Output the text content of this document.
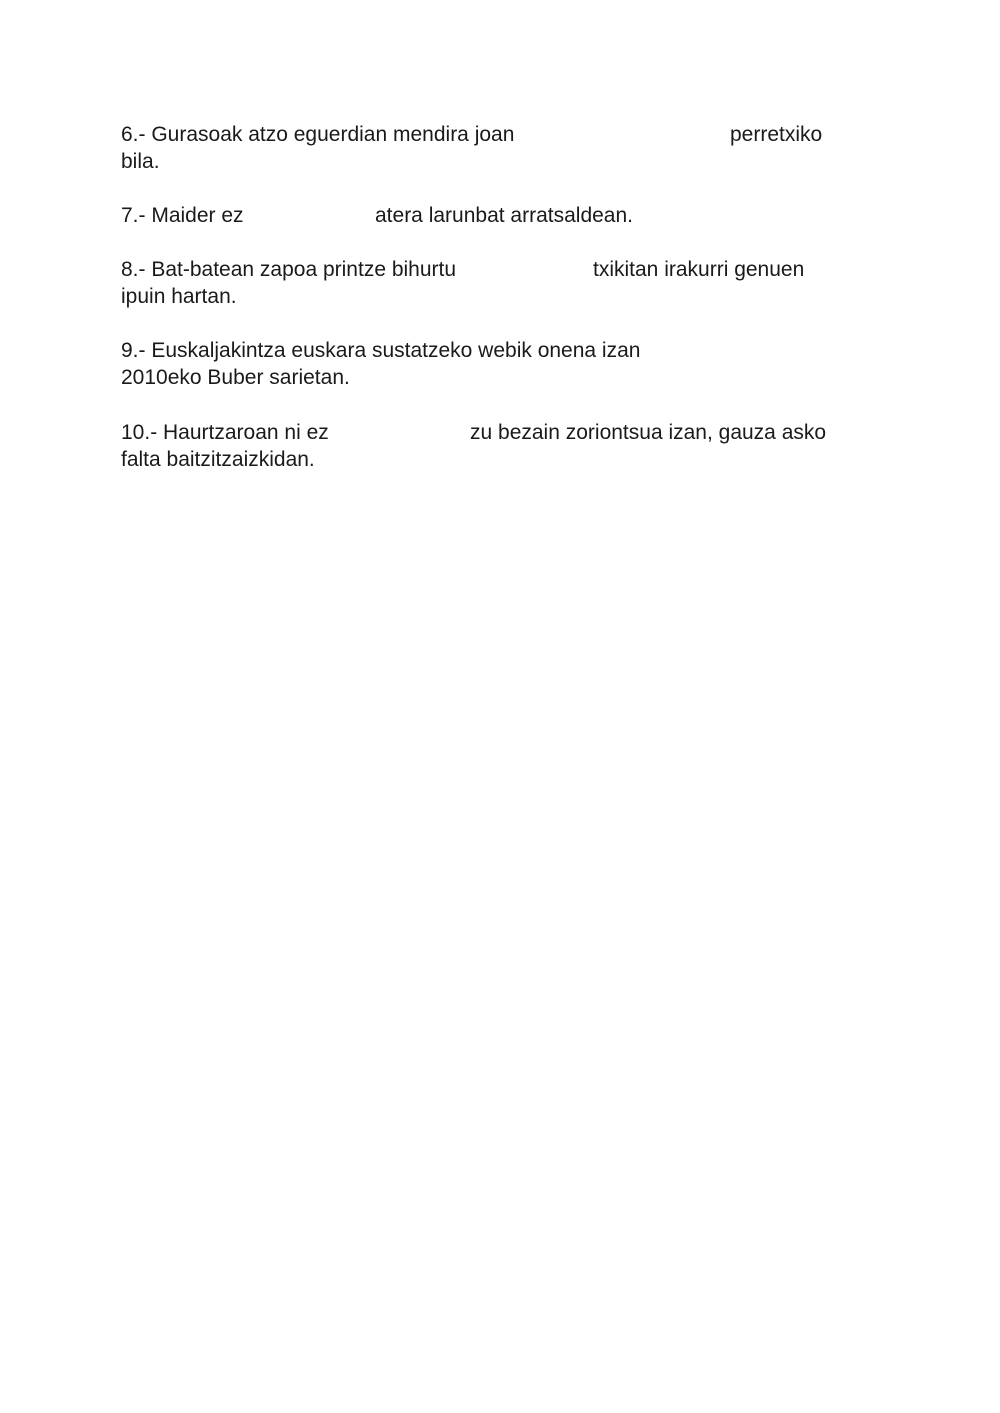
6.- Gurasoak atzo eguerdian mendira joan	perretxiko
bila.
7.- Maider ez	atera larunbat arratsaldean.
8.- Bat-batean zapoa printze bihurtu	txikitan irakurri genuen
ipuin hartan.
9.- Euskaljakintza euskara sustatzeko webik onena izan
2010eko Buber sarietan.
10.- Haurtzaroan ni ez	zu bezain zoriontsua izan, gauza asko
falta baitzitzaizkidan.
